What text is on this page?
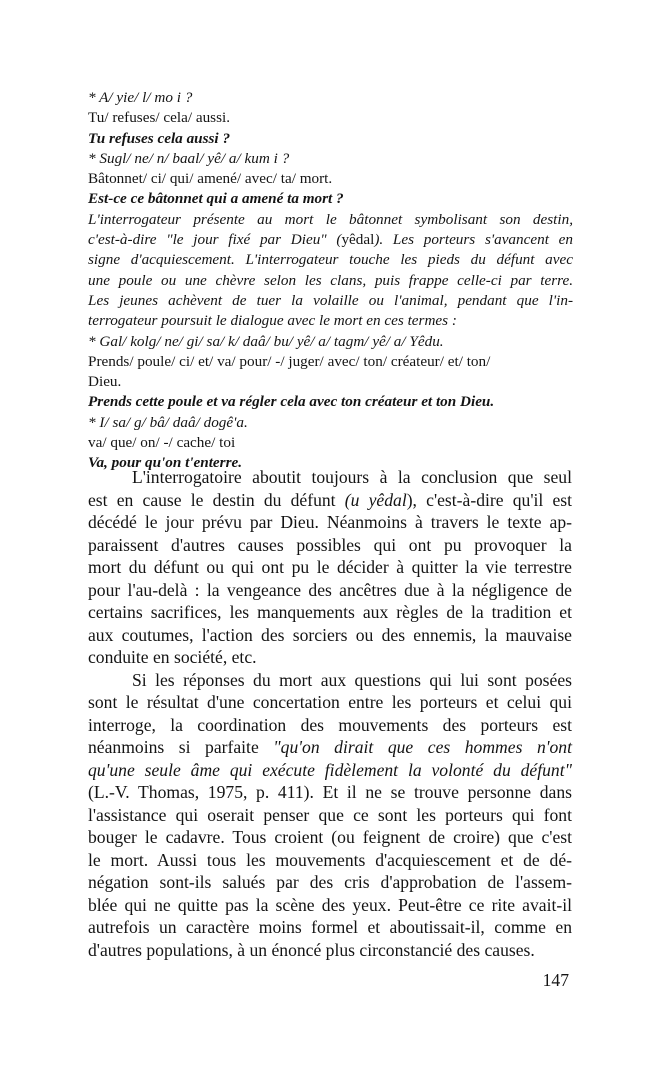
* A/ yie/ l/ mo i ?
Tu/ refuses/ cela/ aussi.
Tu refuses cela aussi ?
* Sugl/ ne/ n/ baal/ yê/ a/ kum i ?
Bâtonnet/ ci/ qui/ amené/ avec/ ta/ mort.
Est-ce ce bâtonnet qui a amené ta mort ?
L'interrogateur présente au mort le bâtonnet symbolisant son destin,
c'est-à-dire "le jour fixé par Dieu" (yêdal). Les porteurs s'avancent en
signe d'acquiescement. L'interrogateur touche les pieds du défunt avec
une poule ou une chèvre selon les clans, puis frappe celle-ci par terre.
Les jeunes achèvent de tuer la volaille ou l'animal, pendant que l'in-
terrogateur poursuit le dialogue avec le mort en ces termes :
* Gal/ kolg/ ne/ gi/ sa/ k/ daâ/ bu/ yê/ a/ tagm/ yê/ a/ Yêdu.
Prends/ poule/ ci/ et/ va/ pour/ -/ juger/ avec/ ton/ créateur/ et/ ton/
Dieu.
Prends cette poule et va régler cela avec ton créateur et ton Dieu.
* I/ sa/ g/ bâ/ daâ/ dogê'a.
va/ que/ on/ -/ cache/ toi
Va, pour qu'on t'enterre.
L'interrogatoire aboutit toujours à la conclusion que seul
est en cause le destin du défunt (u yêdal), c'est-à-dire qu'il est
décédé le jour prévu par Dieu. Néanmoins à travers le texte ap-
paraissent d'autres causes possibles qui ont pu provoquer la
mort du défunt ou qui ont pu le décider à quitter la vie terrestre
pour l'au-delà : la vengeance des ancêtres due à la négligence de
certains sacrifices, les manquements aux règles de la tradition et
aux coutumes, l'action des sorciers ou des ennemis, la mauvaise
conduite en société, etc.
Si les réponses du mort aux questions qui lui sont posées
sont le résultat d'une concertation entre les porteurs et celui qui
interroge, la coordination des mouvements des porteurs est
néanmoins si parfaite "qu'on dirait que ces hommes n'ont
qu'une seule âme qui exécute fidèlement la volonté du défunt"
(L.-V. Thomas, 1975, p. 411). Et il ne se trouve personne dans
l'assistance qui oserait penser que ce sont les porteurs qui font
bouger le cadavre. Tous croient (ou feignent de croire) que c'est
le mort. Aussi tous les mouvements d'acquiescement et de dé-
négation sont-ils salués par des cris d'approbation de l'assem-
blée qui ne quitte pas la scène des yeux. Peut-être ce rite avait-il
autrefois un caractère moins formel et aboutissait-il, comme en
d'autres populations, à un énoncé plus circonstancié des causes.
147
